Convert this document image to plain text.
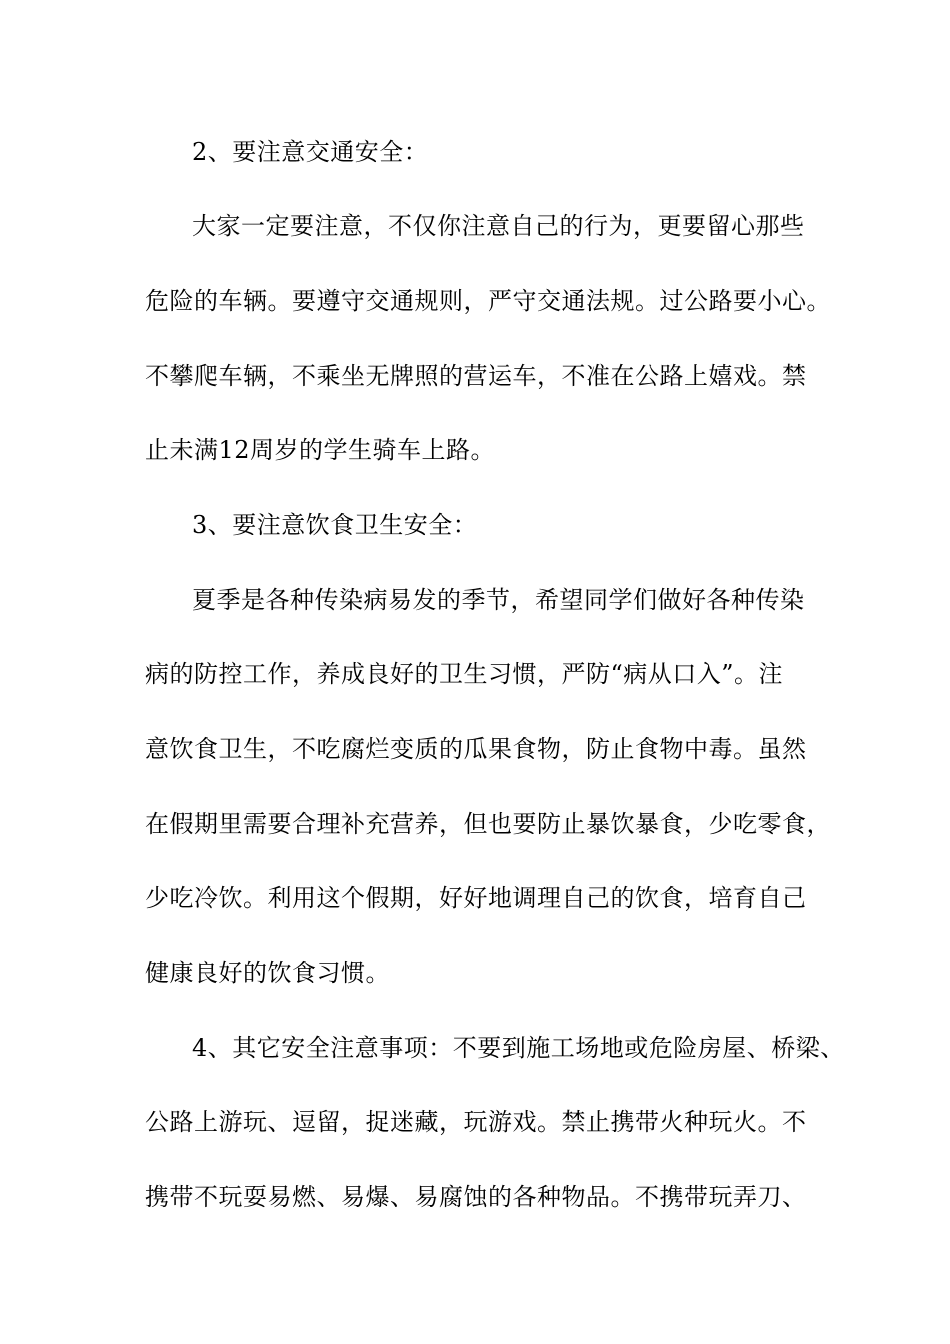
2、要注意交通安全：
大家一定要注意，不仅你注意自己的行为，更要留心那些
危险的车辆。要遵守交通规则，严守交通法规。过公路要小心。
不攀爬车辆，不乘坐无牌照的营运车，不准在公路上嬉戏。禁
止未满12周岁的学生骑车上路。
3、要注意饮食卫生安全：
夏季是各种传染病易发的季节，希望同学们做好各种传染
病的防控工作，养成良好的卫生习惯，严防“病从口入”。注
意饮食卫生，不吃腐烂变质的瓜果食物，防止食物中毒。虽然
在假期里需要合理补充营养，但也要防止暴饮暴食，少吃零食，
少吃冷饮。利用这个假期，好好地调理自己的饮食，培育自己
健康良好的饮食习惯。
4、其它安全注意事项：不要到施工场地或危险房屋、桥梁、
公路上游玩、逗留，捉迷藏，玩游戏。禁止携带火种玩火。不
携带不玩耍易燃、易爆、易腐蚀的各种物品。不携带玩弄刀、
